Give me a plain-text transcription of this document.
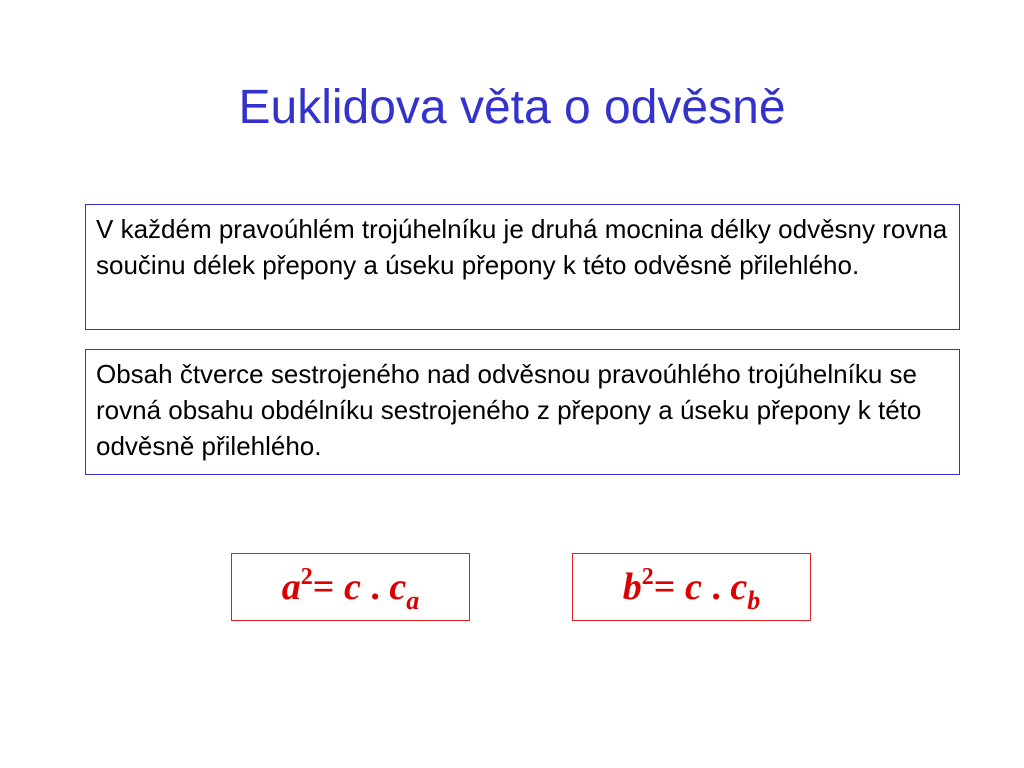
Euklidova věta o odvěsně
V každém pravoúhlém trojúhelníku je druhá mocnina délky odvěsny rovna součinu délek přepony a úseku přepony k této odvěsně přilehlého.
Obsah čtverce sestrojeného nad odvěsnou pravoúhlého trojúhelníku se rovná obsahu obdélníku sestrojeného z přepony a úseku přepony k této odvěsně přilehlého.
$a^2= c$ . $c_a$	$b^2= c$ . $c_b$
